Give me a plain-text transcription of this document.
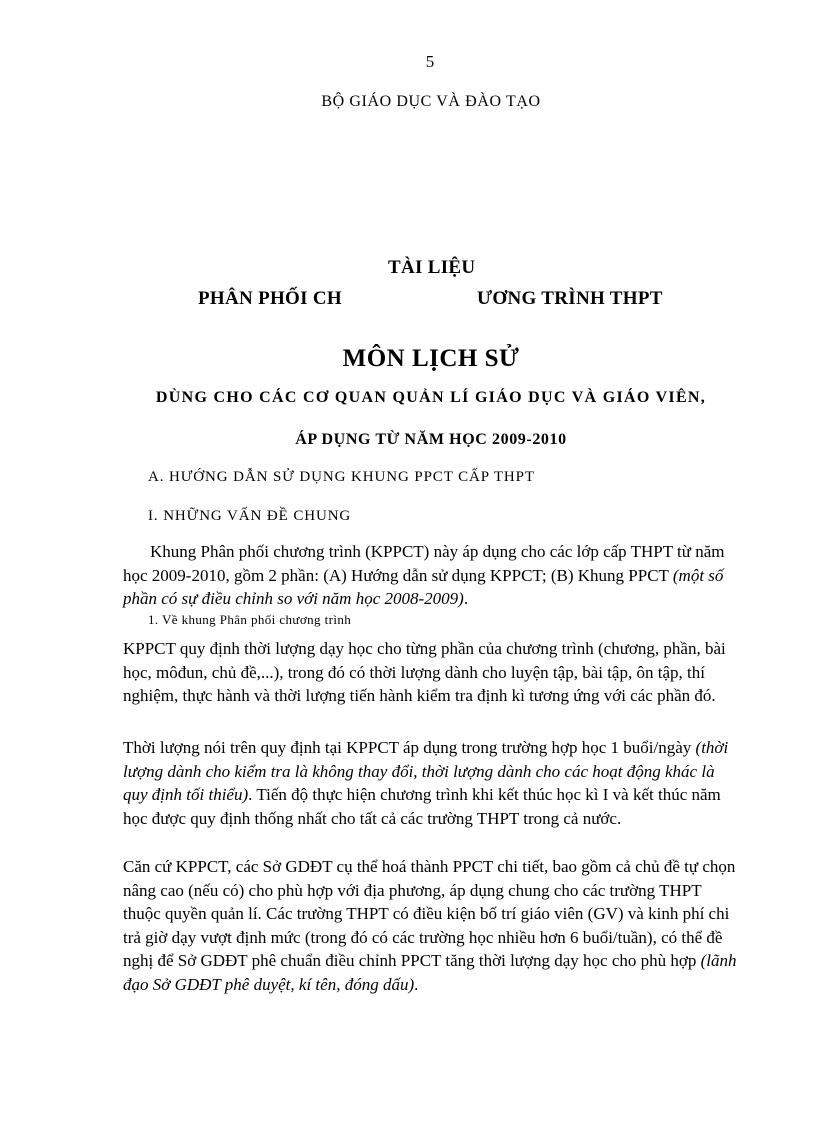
5
BỘ GIÁO DỤC VÀ ĐÀO TẠO
TÀI LIỆU
PHÂN PHỐI CH	ƯƠNG TRÌNH THPT
MÔN LỊCH SỬ
DÙNG CHO CÁC CƠ QUAN QUẢN LÍ GIÁO DỤC VÀ GIÁO VIÊN,
ÁP DỤNG TỪ NĂM HỌC 2009-2010
A. HƯỚNG DẪN SỬ DỤNG KHUNG PPCT CẤP THPT
I. NHỮNG VẤN ĐỀ CHUNG
Khung Phân phối chương trình (KPPCT) này áp dụng cho các lớp cấp THPT từ năm học 2009-2010, gồm 2 phần: (A) Hướng dẫn sử dụng KPPCT; (B) Khung PPCT (một số phần có sự điều chỉnh so với năm học 2008-2009).
1. Về khung Phân phối chương trình
KPPCT quy định thời lượng dạy học cho từng phần của chương trình (chương, phần, bài học, môđun, chủ đề,...), trong đó có thời lượng dành cho luyện tập, bài tập, ôn tập, thí nghiệm, thực hành và thời lượng tiến hành kiểm tra định kì tương ứng với các phần đó.
Thời lượng nói trên quy định tại KPPCT áp dụng trong trường hợp học 1 buổi/ngày (thời lượng dành cho kiểm tra là không thay đổi, thời lượng dành cho các hoạt động khác là quy định tối thiểu). Tiến độ thực hiện chương trình khi kết thúc học kì I và kết thúc năm học được quy định thống nhất cho tất cả các trường THPT trong cả nước.
Căn cứ KPPCT, các Sở GDĐT cụ thể hoá thành PPCT chi tiết, bao gồm cả chủ đề tự chọn nâng cao (nếu có) cho phù hợp với địa phương, áp dụng chung cho các trường THPT thuộc quyền quản lí. Các trường THPT có điều kiện bố trí giáo viên (GV) và kinh phí chi trả giờ dạy vượt định mức (trong đó có các trường học nhiều hơn 6 buổi/tuần), có thể đề nghị để Sở GDĐT phê chuẩn điều chỉnh PPCT tăng thời lượng dạy học cho phù hợp (lãnh đạo Sở GDĐT phê duyệt, kí tên, đóng dấu).
